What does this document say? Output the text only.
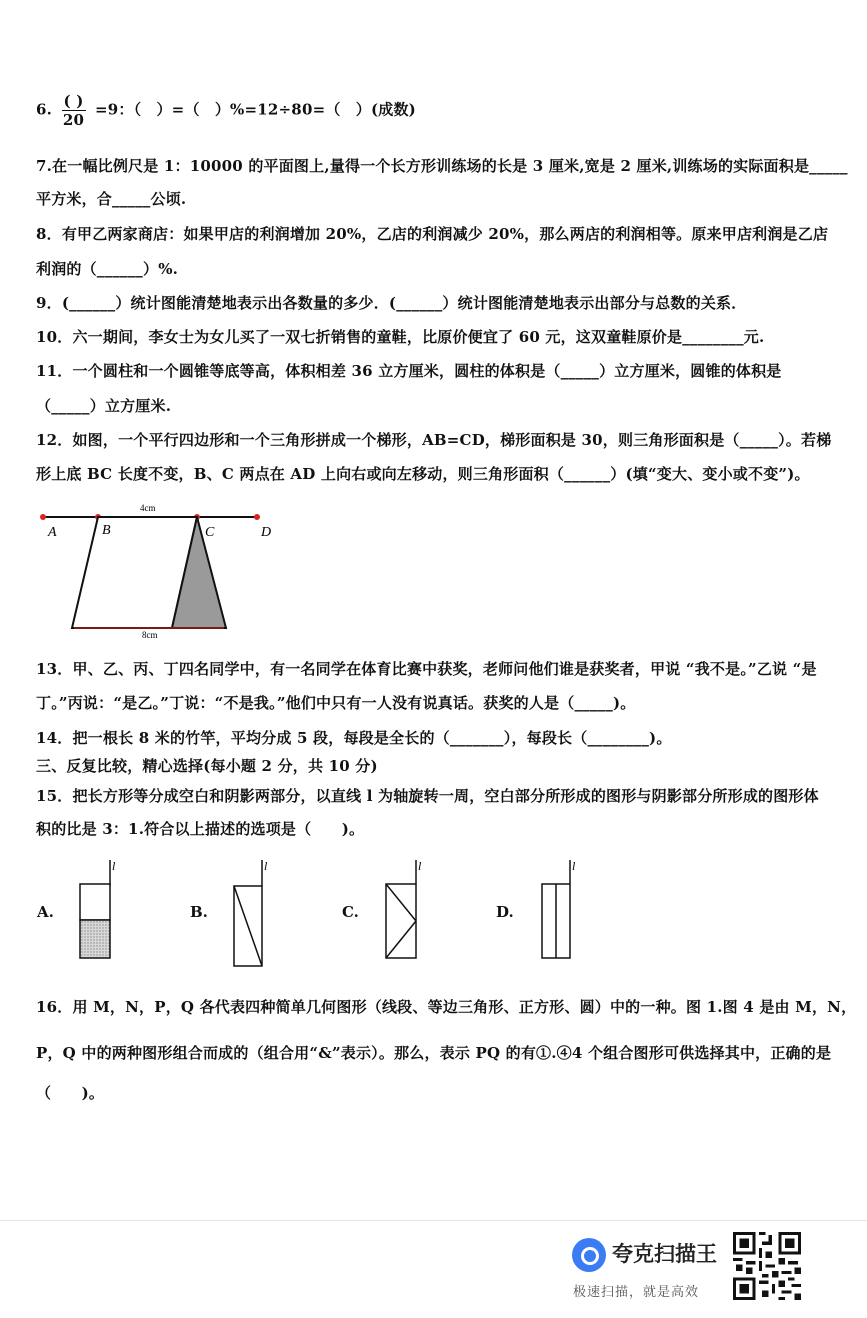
6. $\frac{( )}{20} =9$：（　）=（　）%=12÷80=（　）(成数)
7.在一幅比例尺是 1：10000 的平面图上,量得一个长方形训练场的长是 3 厘米,宽是 2 厘米,训练场的实际面积是_____
平方米，合_____公顷.
8．有甲乙两家商店：如果甲店的利润增加 20%，乙店的利润减少 20%，那么两店的利润相等。原来甲店利润是乙店
利润的（______）%.
9．(______）统计图能清楚地表示出各数量的多少．(______）统计图能清楚地表示出部分与总数的关系．
10．六一期间，李女士为女儿买了一双七折销售的童鞋，比原价便宜了 60 元，这双童鞋原价是________元.
11．一个圆柱和一个圆锥等底等高，体积相差 36 立方厘米，圆柱的体积是（_____）立方厘米，圆锥的体积是
（_____）立方厘米.
12．如图，一个平行四边形和一个三角形拼成一个梯形，AB=CD，梯形面积是 30，则三角形面积是（_____）。若梯
形上底 BC 长度不变，B、C 两点在 AD 上向右或向左移动，则三角形面积（______）(填“变大、变小或不变”)。
A	B	C	D
4cm
8cm
13．甲、乙、丙、丁四名同学中，有一名同学在体育比赛中获奖，老师问他们谁是获奖者，甲说 “我不是。”乙说 “是
丁。”丙说：“是乙。”丁说：“不是我。”他们中只有一人没有说真话。获奖的人是（_____)。
14．把一根长 8 米的竹竿，平均分成 5 段，每段是全长的（_______），每段长（________)。
三、反复比较，精心选择(每小题 2 分，共 10 分)
15．把长方形等分成空白和阴影两部分，以直线 l 为轴旋转一周，空白部分所形成的图形与阴影部分所形成的图形体
积的比是 3：1.符合以上描述的选项是（　　)。
A.	B.	C.	D.
l	l	l	l
16．用 M，N，P，Q 各代表四种简单几何图形（线段、等边三角形、正方形、圆）中的一种。图 1.图 4 是由 M，N，
P，Q 中的两种图形组合而成的（组合用“&”表示）。那么，表示 PQ 的有①.④4 个组合图形可供选择其中，正确的是
（　　)。
夸克扫描王
极速扫描，就是高效
